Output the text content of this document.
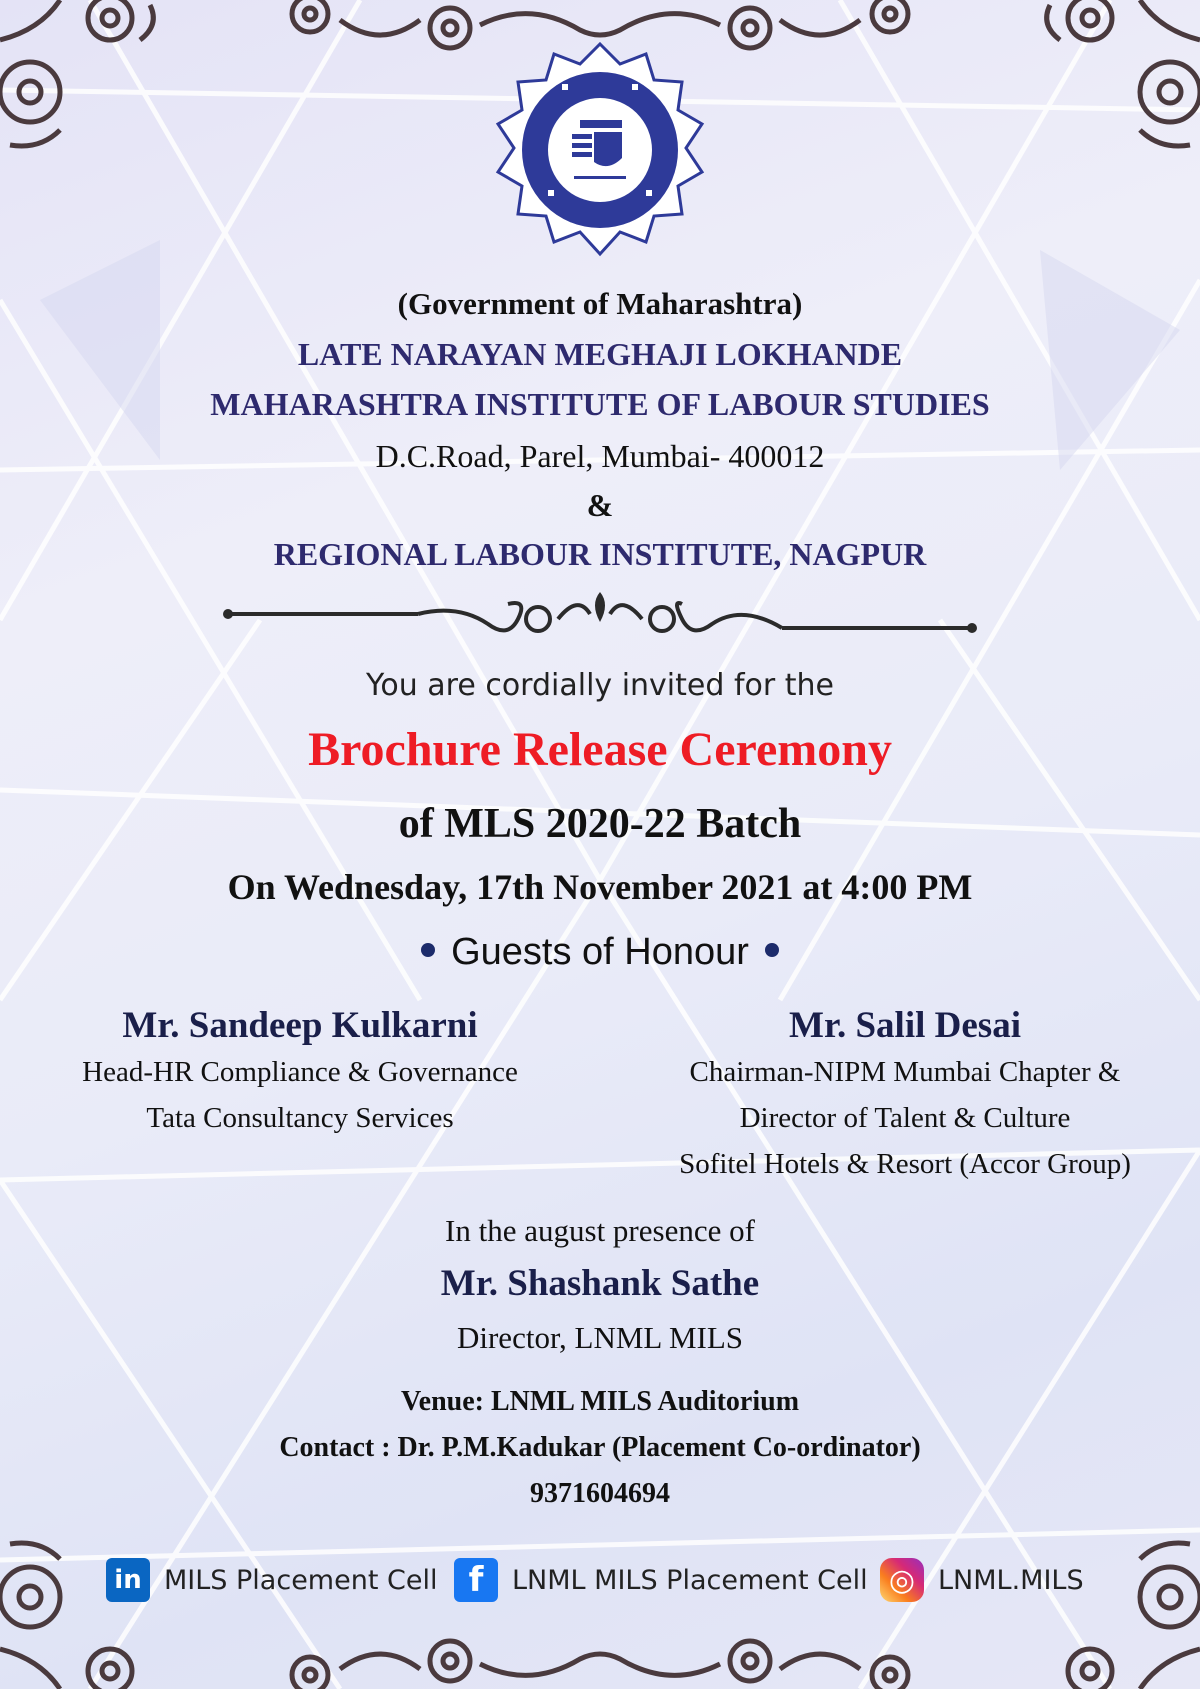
(Government of Maharashtra)
LATE NARAYAN MEGHAJI LOKHANDE
MAHARASHTRA INSTITUTE OF LABOUR STUDIES
D.C.Road, Parel, Mumbai- 400012
&
REGIONAL LABOUR INSTITUTE, NAGPUR
You are cordially invited for the
Brochure Release Ceremony
of MLS 2020-22 Batch
On Wednesday, 17th November 2021 at 4:00 PM
Guests of Honour
Mr. Sandeep Kulkarni
Head-HR Compliance & Governance
Tata Consultancy Services
Mr. Salil Desai
Chairman-NIPM Mumbai Chapter &
Director of Talent & Culture
Sofitel Hotels & Resort (Accor Group)
In the august presence of
Mr. Shashank Sathe
Director, LNML MILS
Venue: LNML MILS Auditorium
Contact : Dr. P.M.Kadukar (Placement Co-ordinator)
9371604694
in MILS Placement Cell f	LNML MILS Placement Cell ◎ LNML.MILS
